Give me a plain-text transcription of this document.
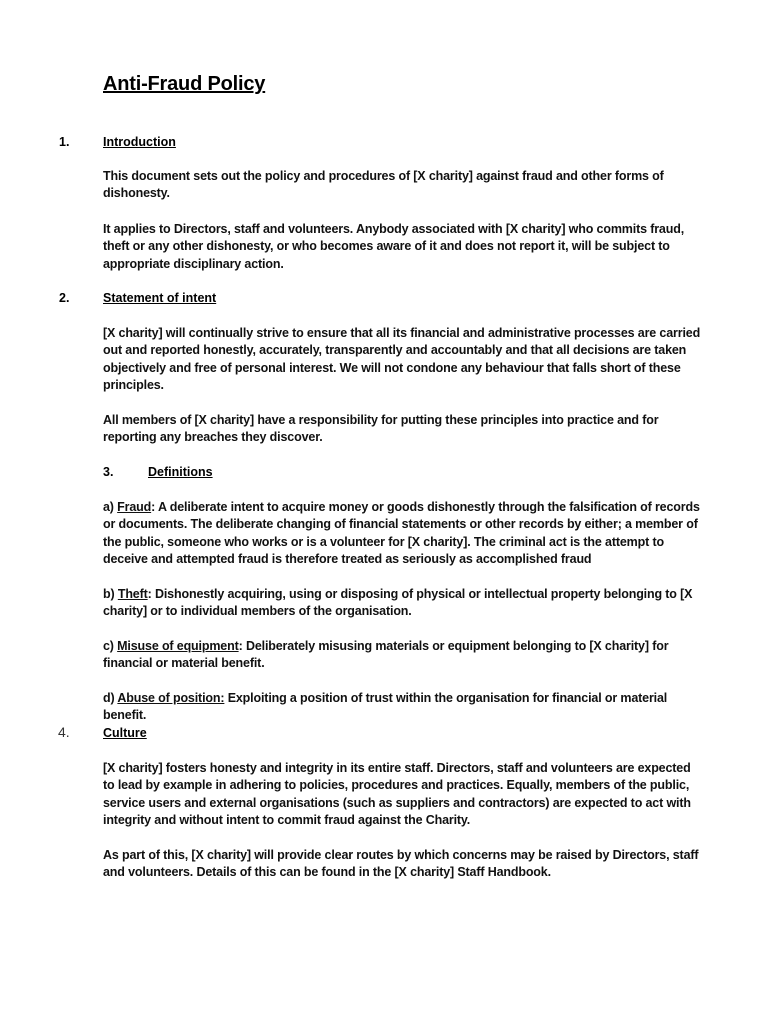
Anti-Fraud Policy
1.	Introduction
This document sets out the policy and procedures of [X charity] against fraud and other forms of dishonesty.
It applies to Directors, staff and volunteers. Anybody associated with [X charity] who commits fraud, theft or any other dishonesty, or who becomes aware of it and does not report it, will be subject to appropriate disciplinary action.
2.	Statement of intent
[X charity] will continually strive to ensure that all its financial and administrative processes are carried out and reported honestly, accurately, transparently and accountably and that all decisions are taken objectively and free of personal interest. We will not condone any behaviour that falls short of these principles.
All members of [X charity] have a responsibility for putting these principles into practice and for reporting any breaches they discover.
3.	Definitions
a) Fraud: A deliberate intent to acquire money or goods dishonestly through the falsification of records or documents. The deliberate changing of financial statements or other records by either; a member of the public, someone who works or is a volunteer for [X charity]. The criminal act is the attempt to deceive and attempted fraud is therefore treated as seriously as accomplished fraud
b) Theft: Dishonestly acquiring, using or disposing of physical or intellectual property belonging to [X charity] or to individual members of the organisation.
c) Misuse of equipment: Deliberately misusing materials or equipment belonging to [X charity] for financial or material benefit.
d) Abuse of position: Exploiting a position of trust within the organisation for financial or material benefit.
4.	Culture
[X charity] fosters honesty and integrity in its entire staff. Directors, staff and volunteers are expected to lead by example in adhering to policies, procedures and practices. Equally, members of the public, service users and external organisations (such as suppliers and contractors) are expected to act with integrity and without intent to commit fraud against the Charity.
As part of this, [X charity] will provide clear routes by which concerns may be raised by Directors, staff and volunteers. Details of this can be found in the [X charity] Staff Handbook.
